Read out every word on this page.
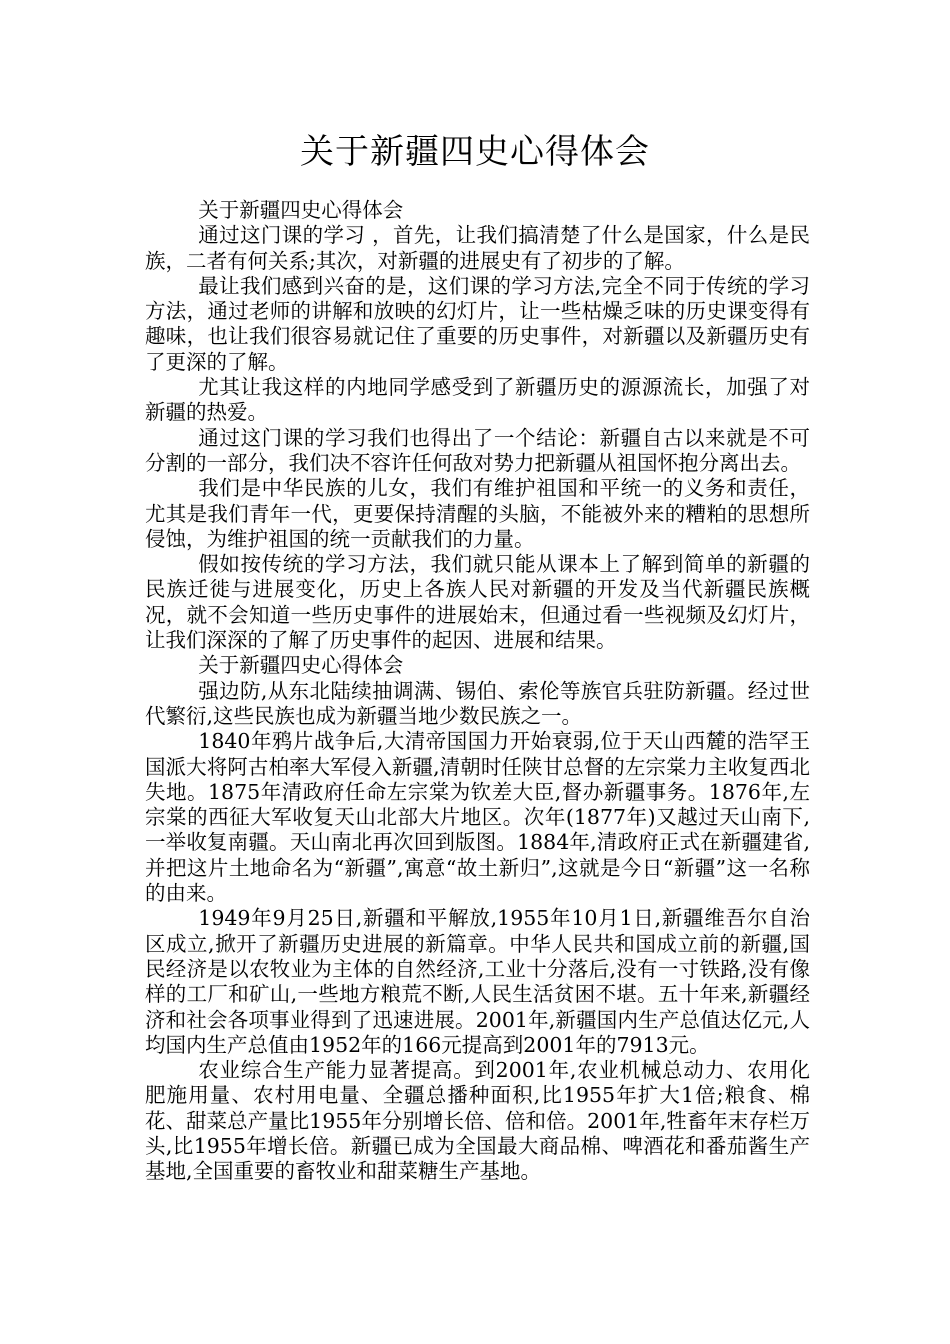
关于新疆四史心得体会

关于新疆四史心得体会

通过这门课的学习 ，首先，让我们搞清楚了什么是国家，什么是民族，二者有何关系;其次，对新疆的进展史有了初步的了解。

最让我们感到兴奋的是，这们课的学习方法,完全不同于传统的学习方法，通过老师的讲解和放映的幻灯片，让一些枯燥乏味的历史课变得有趣味，也让我们很容易就记住了重要的历史事件，对新疆以及新疆历史有了更深的了解。

尤其让我这样的内地同学感受到了新疆历史的源源流长，加强了对新疆的热爱。

通过这门课的学习我们也得出了一个结论：新疆自古以来就是不可分割的一部分，我们决不容许任何敌对势力把新疆从祖国怀抱分离出去。

我们是中华民族的儿女，我们有维护祖国和平统一的义务和责任，尤其是我们青年一代，更要保持清醒的头脑，不能被外来的糟粕的思想所侵蚀，为维护祖国的统一贡献我们的力量。

假如按传统的学习方法，我们就只能从课本上了解到简单的新疆的民族迁徙与进展变化，历史上各族人民对新疆的开发及当代新疆民族概况，就不会知道一些历史事件的进展始末，但通过看一些视频及幻灯片，让我们深深的了解了历史事件的起因、进展和结果。

关于新疆四史心得体会

强边防,从东北陆续抽调满、锡伯、索伦等族官兵驻防新疆。经过世代繁衍,这些民族也成为新疆当地少数民族之一。

1840年鸦片战争后,大清帝国国力开始衰弱,位于天山西麓的浩罕王国派大将阿古柏率大军侵入新疆,清朝时任陕甘总督的左宗棠力主收复西北失地。1875年清政府任命左宗棠为钦差大臣,督办新疆事务。1876年,左宗棠的西征大军收复天山北部大片地区。次年(1877年)又越过天山南下,一举收复南疆。天山南北再次回到版图。1884年,清政府正式在新疆建省,并把这片土地命名为“新疆”,寓意“故土新归”,这就是今日“新疆”这一名称的由来。

1949年9月25日,新疆和平解放,1955年10月1日,新疆维吾尔自治区成立,掀开了新疆历史进展的新篇章。中华人民共和国成立前的新疆,国民经济是以农牧业为主体的自然经济,工业十分落后,没有一寸铁路,没有像样的工厂和矿山,一些地方粮荒不断,人民生活贫困不堪。五十年来,新疆经济和社会各项事业得到了迅速进展。2001年,新疆国内生产总值达亿元,人均国内生产总值由1952年的166元提高到2001年的7913元。

农业综合生产能力显著提高。到2001年,农业机械总动力、农用化肥施用量、农村用电量、全疆总播种面积,比1955年扩大1倍;粮食、棉花、甜菜总产量比1955年分别增长倍、倍和倍。2001年,牲畜年末存栏万头,比1955年增长倍。新疆已成为全国最大商品棉、啤酒花和番茄酱生产基地,全国重要的畜牧业和甜菜糖生产基地。
